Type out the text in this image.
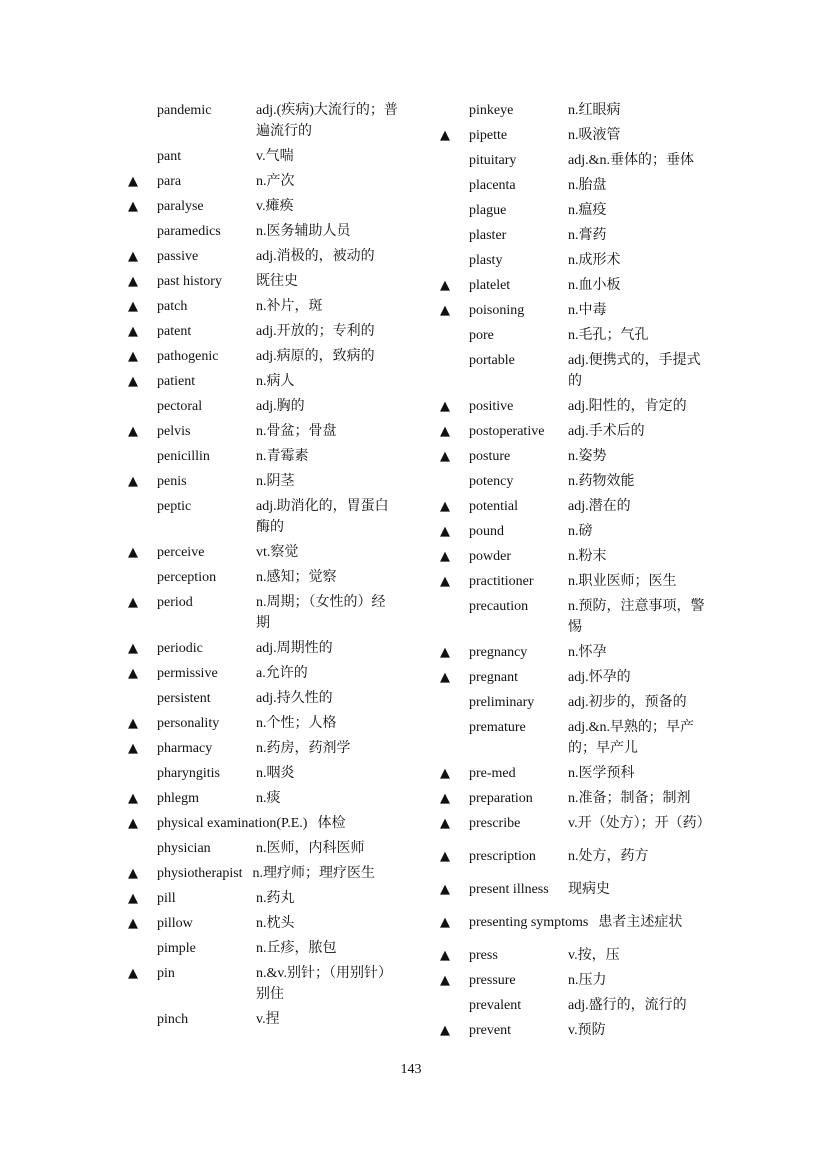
pandemic	adj.(疾病)大流行的；普遍流行的
pant	v.气喘
▲	para	n.产次
▲	paralyse	v.瘫痪
paramedics	n.医务辅助人员
▲	passive	adj.消极的，被动的
▲	past history	既往史
▲	patch	n.补片，斑
▲	patent	adj.开放的；专利的
▲	pathogenic	adj.病原的，致病的
▲	patient	n.病人
pectoral	adj.胸的
▲	pelvis	n.骨盆；骨盘
penicillin	n.青霉素
▲	penis	n.阴茎
peptic	adj.助消化的，胃蛋白酶的
▲	perceive	vt.察觉
perception	n.感知；觉察
▲	period	n.周期；（女性的）经期
▲	periodic	adj.周期性的
▲	permissive	a.允许的
persistent	adj.持久性的
▲	personality	n.个性；人格
▲	pharmacy	n.药房，药剂学
pharyngitis	n.咽炎
▲	phlegm	n.痰
▲	physical examination(P.E.) 体检
physician	n.医师，内科医师
▲	physiotherapist n.理疗师；理疗医生
▲	pill	n.药丸
▲	pillow	n.枕头
pimple	n.丘疹，脓包
▲	pin	n.&v.别针；（用别针）别住
pinch	v.捏
pinkeye	n.红眼病
▲	pipette	n.吸液管
pituitary	adj.&n.垂体的；垂体
placenta	n.胎盘
plague	n.瘟疫
plaster	n.膏药
plasty	n.成形术
▲	platelet	n.血小板
▲	poisoning	n.中毒
pore	n.毛孔；气孔
portable	adj.便携式的，手提式的
▲	positive	adj.阳性的，肯定的
▲	postoperative	adj.手术后的
▲	posture	n.姿势
potency	n.药物效能
▲	potential	adj.潜在的
▲	pound	n.磅
▲	powder	n.粉末
▲	practitioner	n.职业医师；医生
precaution	n.预防，注意事项，警惕
▲	pregnancy	n.怀孕
▲	pregnant	adj.怀孕的
preliminary	adj.初步的，预备的
premature	adj.&n.早熟的；早产的；早产儿
▲	pre-med	n.医学预科
▲	preparation	n.准备；制备；制剂
▲	prescribe	v.开（处方）；开（药）
▲	prescription	n.处方，药方
▲	present illness	现病史
▲	presenting symptoms 患者主述症状
▲	press	v.按，压
▲	pressure	n.压力
prevalent	adj.盛行的，流行的
▲	prevent	v.预防
143
